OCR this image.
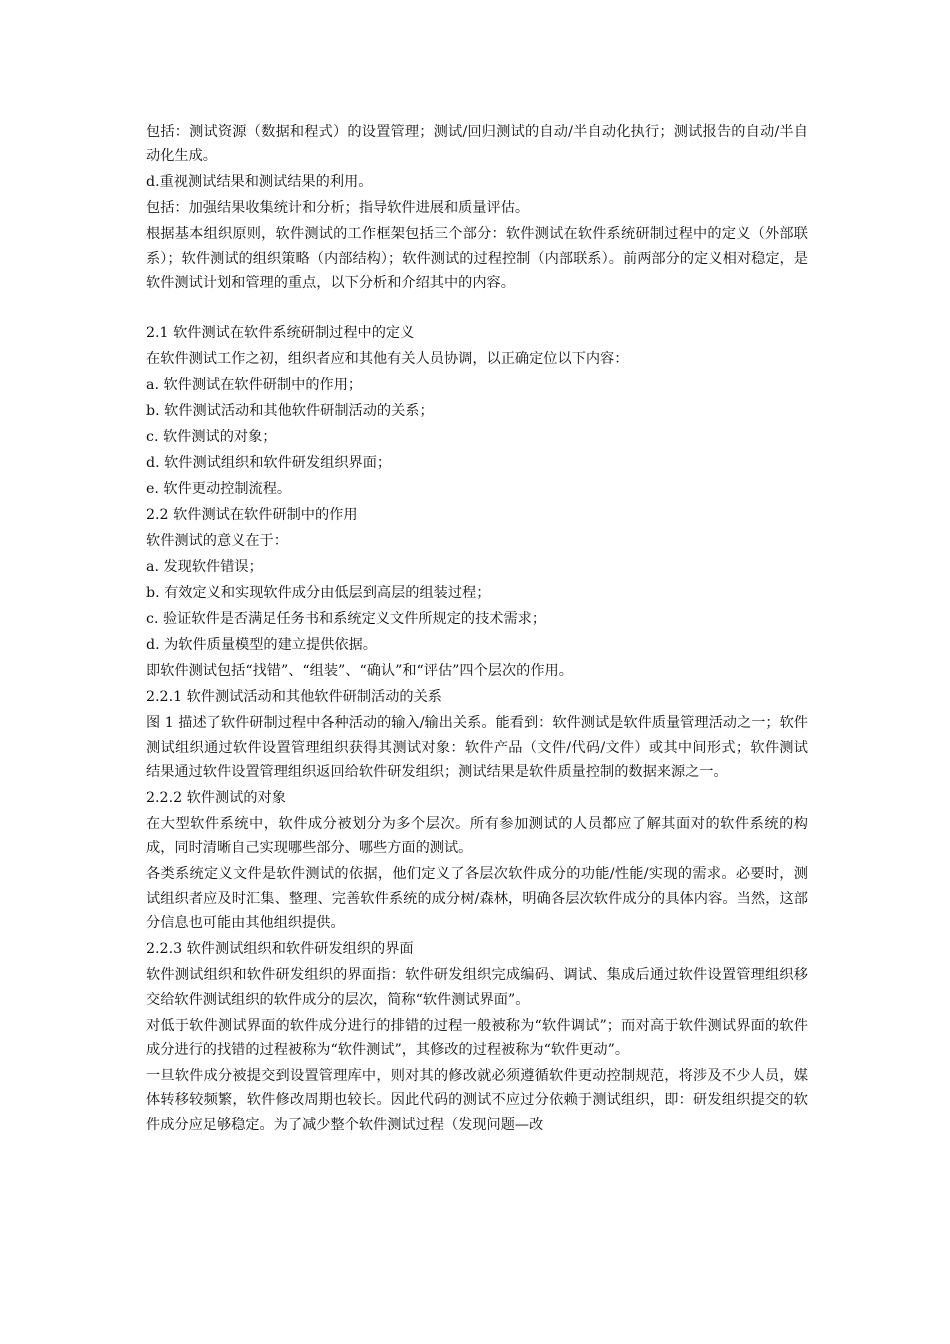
包括：测试资源（数据和程式）的设置管理；测试/回归测试的自动/半自动化执行；测试报告的自动/半自动化生成。

d.重视测试结果和测试结果的利用。

包括：加强结果收集统计和分析；指导软件进展和质量评估。

根据基本组织原则，软件测试的工作框架包括三个部分：软件测试在软件系统研制过程中的定义（外部联系）；软件测试的组织策略（内部结构）；软件测试的过程控制（内部联系）。前两部分的定义相对稳定，是软件测试计划和管理的重点，以下分析和介绍其中的内容。

2.1 软件测试在软件系统研制过程中的定义

在软件测试工作之初，组织者应和其他有关人员协调，以正确定位以下内容：

a. 软件测试在软件研制中的作用；

b. 软件测试活动和其他软件研制活动的关系；

c. 软件测试的对象；

d. 软件测试组织和软件研发组织界面；

e. 软件更动控制流程。

2.2 软件测试在软件研制中的作用

软件测试的意义在于：

a. 发现软件错误；

b. 有效定义和实现软件成分由低层到高层的组装过程；

c. 验证软件是否满足任务书和系统定义文件所规定的技术需求；

d. 为软件质量模型的建立提供依据。

即软件测试包括“找错”、“组装”、“确认”和“评估”四个层次的作用。

2.2.1 软件测试活动和其他软件研制活动的关系

图 1 描述了软件研制过程中各种活动的输入/输出关系。能看到：软件测试是软件质量管理活动之一；软件测试组织通过软件设置管理组织获得其测试对象：软件产品（文件/代码/文件）或其中间形式；软件测试结果通过软件设置管理组织返回给软件研发组织；测试结果是软件质量控制的数据来源之一。

2.2.2 软件测试的对象

在大型软件系统中，软件成分被划分为多个层次。所有参加测试的人员都应了解其面对的软件系统的构成，同时清晰自己实现哪些部分、哪些方面的测试。

各类系统定义文件是软件测试的依据，他们定义了各层次软件成分的功能/性能/实现的需求。必要时，测试组织者应及时汇集、整理、完善软件系统的成分树/森林，明确各层次软件成分的具体内容。当然，这部分信息也可能由其他组织提供。

2.2.3 软件测试组织和软件研发组织的界面

软件测试组织和软件研发组织的界面指：软件研发组织完成编码、调试、集成后通过软件设置管理组织移交给软件测试组织的软件成分的层次，简称“软件测试界面”。

对低于软件测试界面的软件成分进行的排错的过程一般被称为“软件调试”；而对高于软件测试界面的软件成分进行的找错的过程被称为“软件测试”，其修改的过程被称为“软件更动”。

一旦软件成分被提交到设置管理库中，则对其的修改就必须遵循软件更动控制规范，将涉及不少人员，媒体转移较频繁，软件修改周期也较长。因此代码的测试不应过分依赖于测试组织，即：研发组织提交的软件成分应足够稳定。为了减少整个软件测试过程（发现问题—改
